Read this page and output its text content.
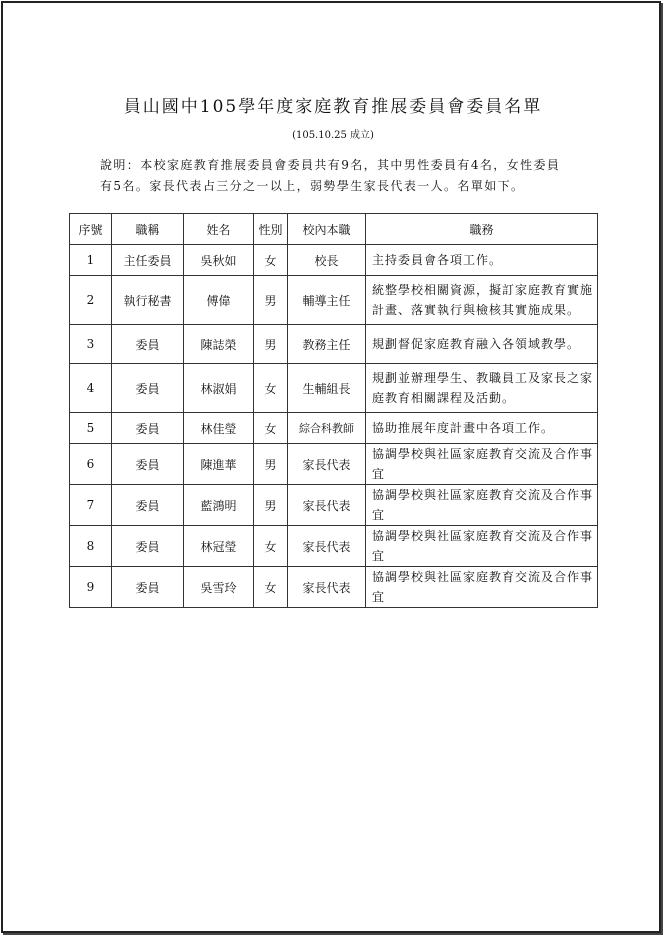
員山國中105學年度家庭教育推展委員會委員名單
(105.10.25 成立)
說明：本校家庭教育推展委員會委員共有9名，其中男性委員有4名，女性委員有5名。家長代表占三分之一以上，弱勢學生家長代表一人。名單如下。
序號	職稱	姓名	性別	校內本職	職務
1	主任委員	吳秋如	女	校長	主持委員會各項工作。
2	執行秘書	傅偉	男	輔導主任	統整學校相關資源，擬訂家庭教育實施計畫、落實執行與檢核其實施成果。
3	委員	陳誌榮	男	教務主任	規劃督促家庭教育融入各領域教學。
4	委員	林淑娟	女	生輔組長	規劃並辦理學生、教職員工及家長之家庭教育相關課程及活動。
5	委員	林佳瑩	女	綜合科教師	協助推展年度計畫中各項工作。
6	委員	陳進華	男	家長代表	協調學校與社區家庭教育交流及合作事宜
7	委員	藍鴻明	男	家長代表	協調學校與社區家庭教育交流及合作事宜
8	委員	林冠瑩	女	家長代表	協調學校與社區家庭教育交流及合作事宜
9	委員	吳雪玲	女	家長代表	協調學校與社區家庭教育交流及合作事宜
